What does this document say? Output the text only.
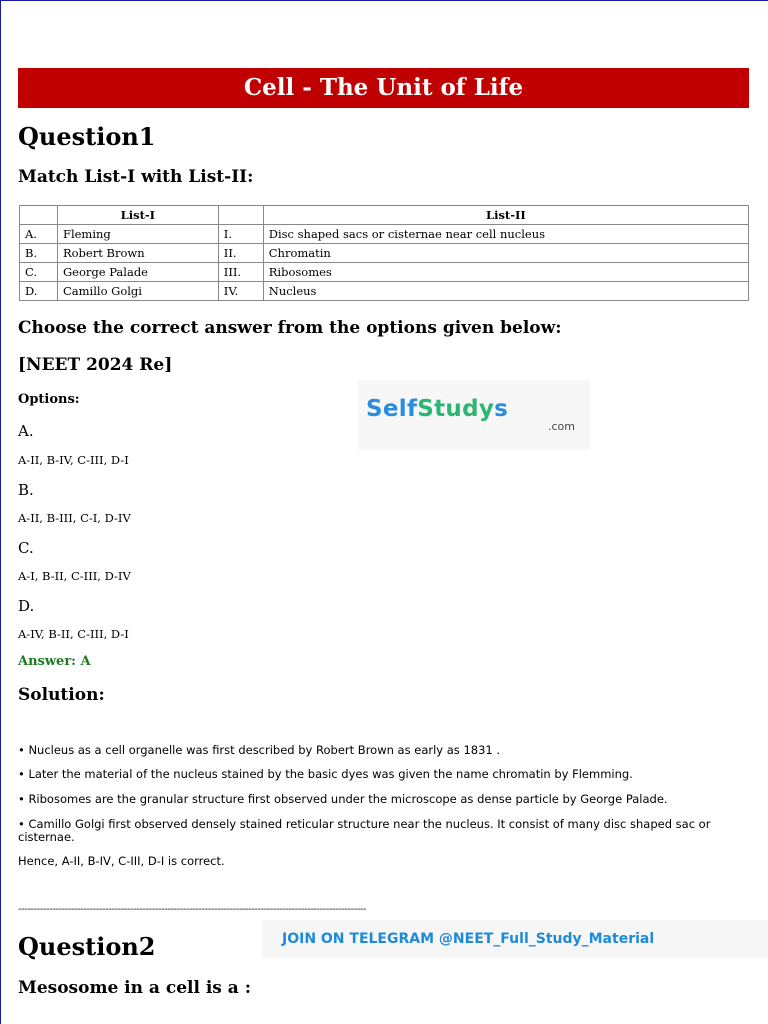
Cell - The Unit of Life
Question1
Match List-I with List-II:
	List-I		List-II
A.	Fleming	I.	Disc shaped sacs or cisternae near cell nucleus
B.	Robert Brown	II.	Chromatin
C.	George Palade	III.	Ribosomes
D.	Camillo Golgi	IV.	Nucleus
Choose the correct answer from the options given below:
[NEET 2024 Re]
SelfStudys
.com
Options:
A.
A-II, B-IV, C-III, D-I
B.
A-II, B-III, C-I, D-IV
C.
A-I, B-II, C-III, D-IV
D.
A-IV, B-II, C-III, D-I
Answer: A
Solution:
• Nucleus as a cell organelle was first described by Robert Brown as early as 1831 .
• Later the material of the nucleus stained by the basic dyes was given the name chromatin by Flemming.
• Ribosomes are the granular structure first observed under the microscope as dense particle by George Palade.
• Camillo Golgi first observed densely stained reticular structure near the nucleus. It consist of many disc shaped sac or cisternae.
Hence, A-II, B-IV, C-III, D-I is correct.
----------------------------------------------------------------------------------------------------------------
JOIN ON TELEGRAM @NEET_Full_Study_Material
Question2
Mesosome in a cell is a :
